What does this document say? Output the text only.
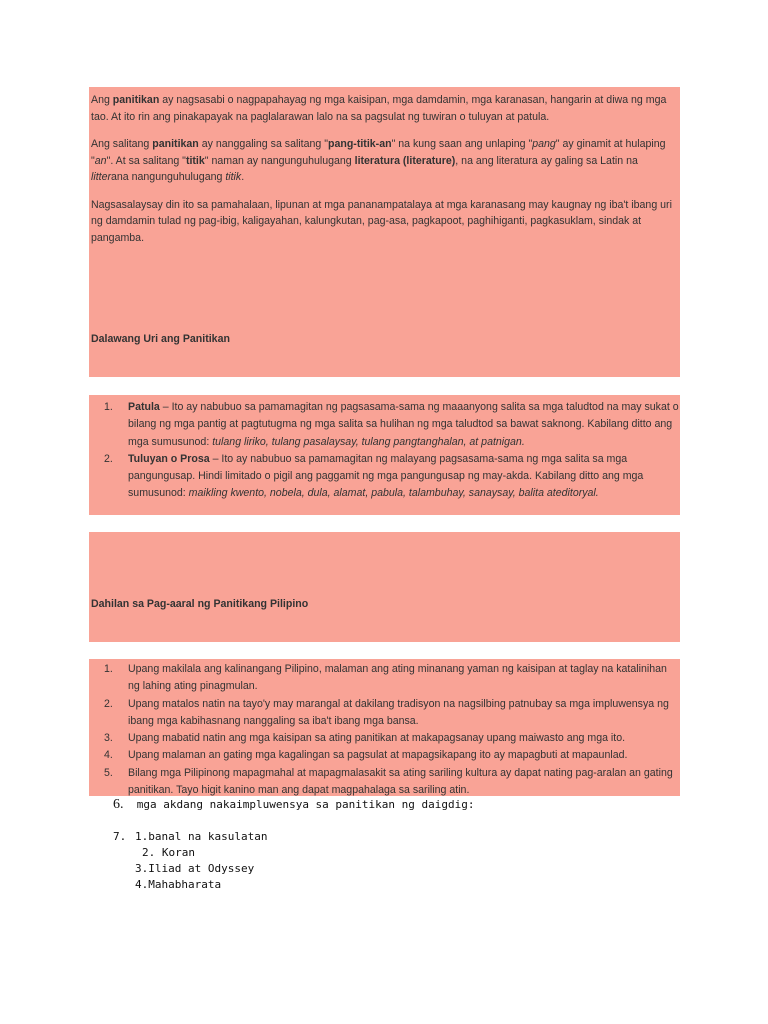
Ang panitikan ay nagsasabi o nagpapahayag ng mga kaisipan, mga damdamin, mga karanasan, hangarin at diwa ng mga tao. At ito rin ang pinakapayak na paglalarawan lalo na sa pagsulat ng tuwiran o tuluyan at patula.

Ang salitang panitikan ay nanggaling sa salitang "pang-titik-an" na kung saan ang unlaping "pang" ay ginamit at hulaping "an". At sa salitang "titik" naman ay nangunguhulugang literatura (literature), na ang literatura ay galing sa Latin na litterana nangunguhulugang titik.

Nagsasalaysay din ito sa pamahalaan, lipunan at mga pananampatalaya at mga karanasang may kaugnay ng iba't ibang uri ng damdamin tulad ng pag-ibig, kaligayahan, kalungkutan, pag-asa, pagkapoot, paghihiganti, pagkasuklam, sindak at pangamba.

Dalawang Uri ang Panitikan
1. Patula – Ito ay nabubuo sa pamamagitan ng pagsasama-sama ng maaanyong salita sa mga taludtod na may sukat o bilang ng mga pantig at pagtutugma ng mga salita sa hulihan ng mga taludtod sa bawat saknong. Kabilang ditto ang mga sumusunod: tulang liriko, tulang pasalaysay, tulang pangtanghalan, at patnigan.
2. Tuluyan o Prosa – Ito ay nabubuo sa pamamagitan ng malayang pagsasama-sama ng mga salita sa mga pangungusap. Hindi limitado o pigil ang paggamit ng mga pangungusap ng may-akda. Kabilang ditto ang mga sumusunod: maikling kwento, nobela, dula, alamat, pabula, talambuhay, sanaysay, balita ateditoryal.
Dahilan sa Pag-aaral ng Panitikang Pilipino
1. Upang makilala ang kalinangang Pilipino, malaman ang ating minanang yaman ng kaisipan at taglay na katalinihan ng lahing ating pinagmulan.
2. Upang matalos natin na tayo'y may marangal at dakilang tradisyon na nagsilbing patnubay sa mga impluwensya ng ibang mga kabihasnang nanggaling sa iba't ibang mga bansa.
3. Upang mabatid natin ang mga kaisipan sa ating panitikan at makapagsanay upang maiwasto ang mga ito.
4. Upang malaman an gating mga kagalingan sa pagsulat at mapagsikapang ito ay mapagbuti at mapaunlad.
5. Bilang mga Pilipinong mapagmahal at mapagmalasakit sa ating sariling kultura ay dapat nating pag-aralan an gating panitikan. Tayo higit kanino man ang dapat magpahalaga sa sariling atin.
6. mga akdang nakaimpluwensya sa panitikan ng daigdig:
7. 1.banal na kasulatan
2. Koran
3.Iliad at Odyssey
4.Mahabharata
